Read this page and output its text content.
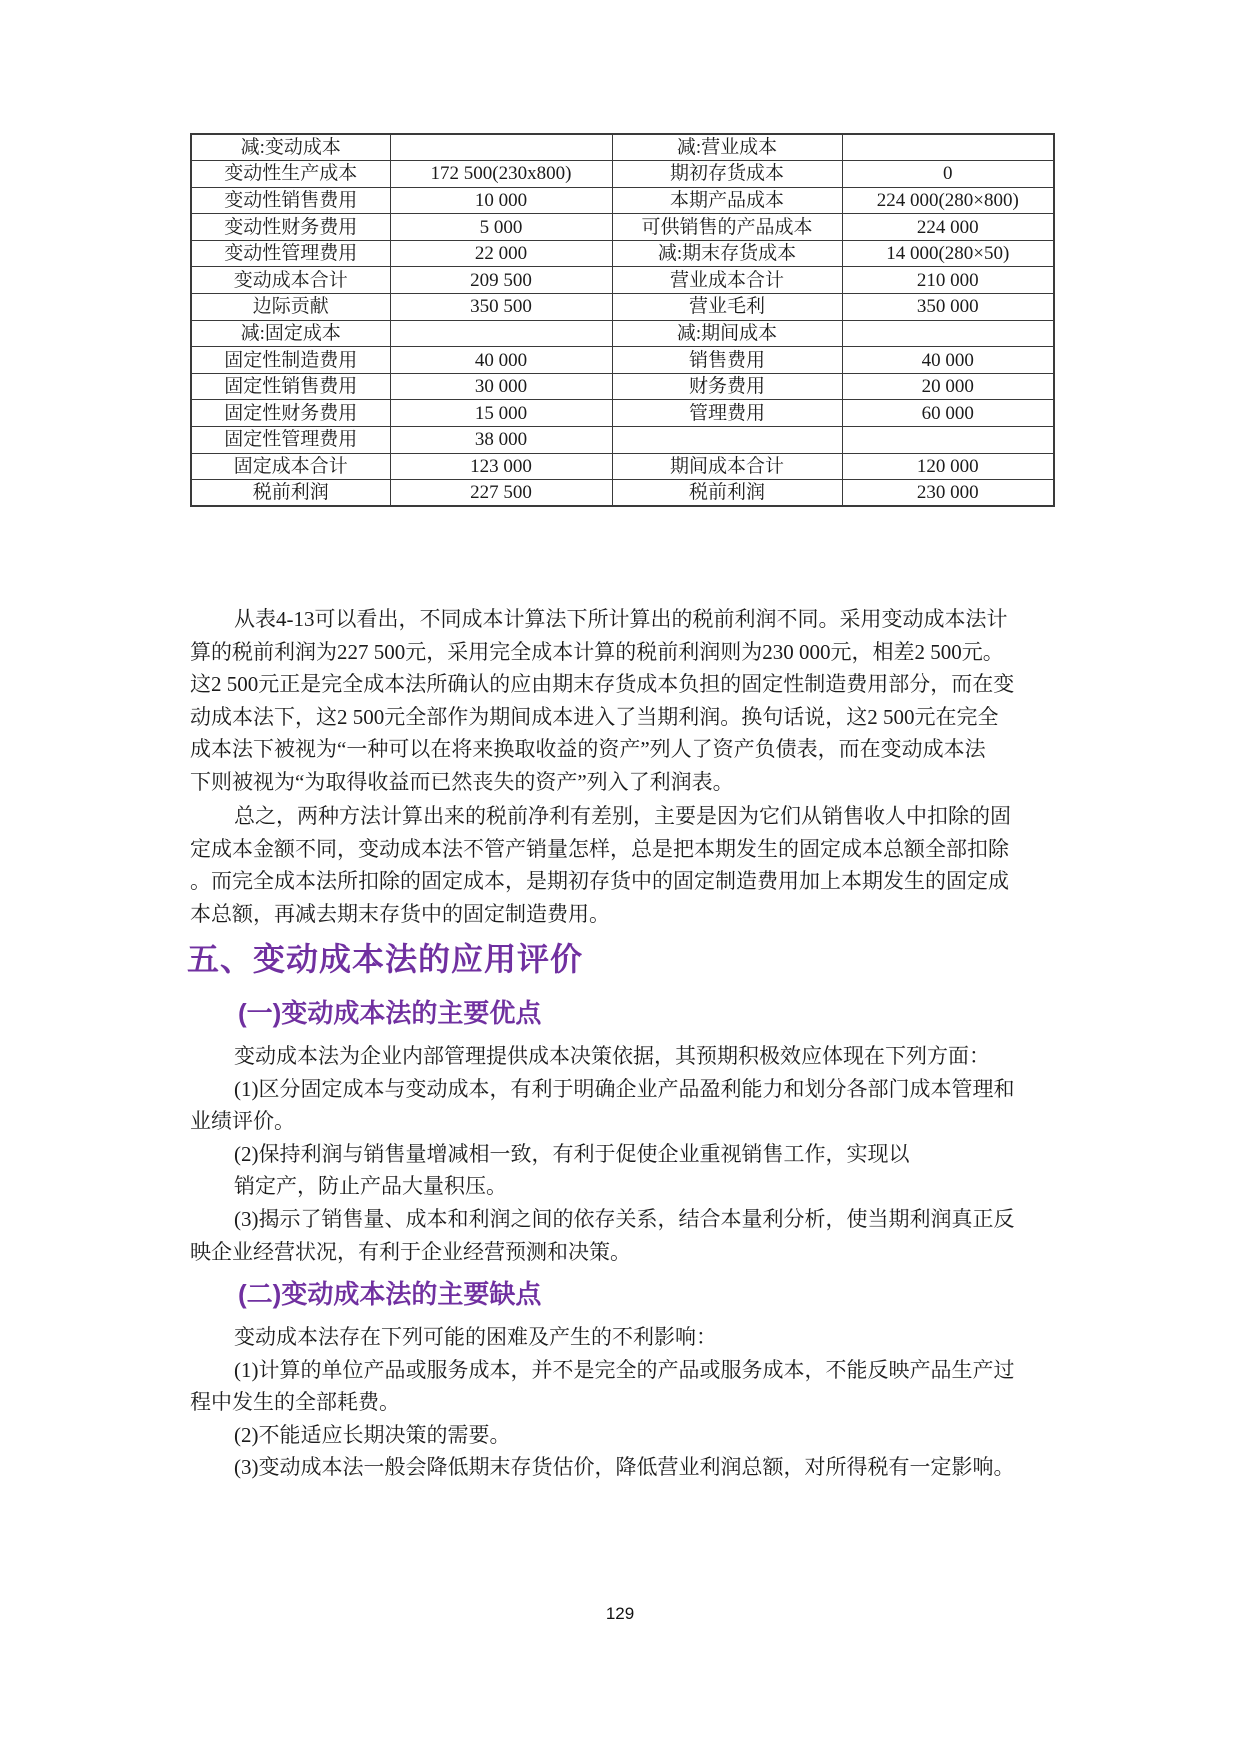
减:变动成本		减:营业成本	
变动性生产成本	172 500(230x800)	期初存货成本	0
变动性销售费用	10 000	本期产品成本	224 000(280×800)
变动性财务费用	5 000	可供销售的产品成本	224 000
变动性管理费用	22 000	减:期末存货成本	14 000(280×50)
变动成本合计	209 500	营业成本合计	210 000
边际贡献	350 500	营业毛利	350 000
减:固定成本		减:期间成本	
固定性制造费用	40 000	销售费用	40 000
固定性销售费用	30 000	财务费用	20 000
固定性财务费用	15 000	管理费用	60 000
固定性管理费用	38 000		
固定成本合计	123 000	期间成本合计	120 000
税前利润	227 500	税前利润	230 000
从表4-13可以看出，不同成本计算法下所计算出的税前利润不同。采用变动成本法计
算的税前利润为227 500元，采用完全成本计算的税前利润则为230 000元，相差2 500元。
这2 500元正是完全成本法所确认的应由期末存货成本负担的固定性制造费用部分，而在变
动成本法下，这2 500元全部作为期间成本进入了当期利润。换句话说，这2 500元在完全
成本法下被视为“一种可以在将来换取收益的资产”列人了资产负债表，而在变动成本法
下则被视为“为取得收益而已然丧失的资产”列入了利润表。
总之，两种方法计算出来的税前净利有差别，主要是因为它们从销售收人中扣除的固
定成本金额不同，变动成本法不管产销量怎样，总是把本期发生的固定成本总额全部扣除
。而完全成本法所扣除的固定成本，是期初存货中的固定制造费用加上本期发生的固定成
本总额，再减去期末存货中的固定制造费用。
五、变动成本法的应用评价
(一)变动成本法的主要优点
变动成本法为企业内部管理提供成本决策依据，其预期积极效应体现在下列方面：
(1)区分固定成本与变动成本，有利于明确企业产品盈利能力和划分各部门成本管理和
业绩评价。
(2)保持利润与销售量增减相一致，有利于促使企业重视销售工作，实现以
销定产，防止产品大量积压。
(3)揭示了销售量、成本和利润之间的依存关系，结合本量利分析，使当期利润真正反
映企业经营状况，有利于企业经营预测和决策。
(二)变动成本法的主要缺点
变动成本法存在下列可能的困难及产生的不利影响：
(1)计算的单位产品或服务成本，并不是完全的产品或服务成本，不能反映产品生产过
程中发生的全部耗费。
(2)不能适应长期决策的需要。
(3)变动成本法一般会降低期末存货估价，降低营业利润总额，对所得税有一定影响。
129
